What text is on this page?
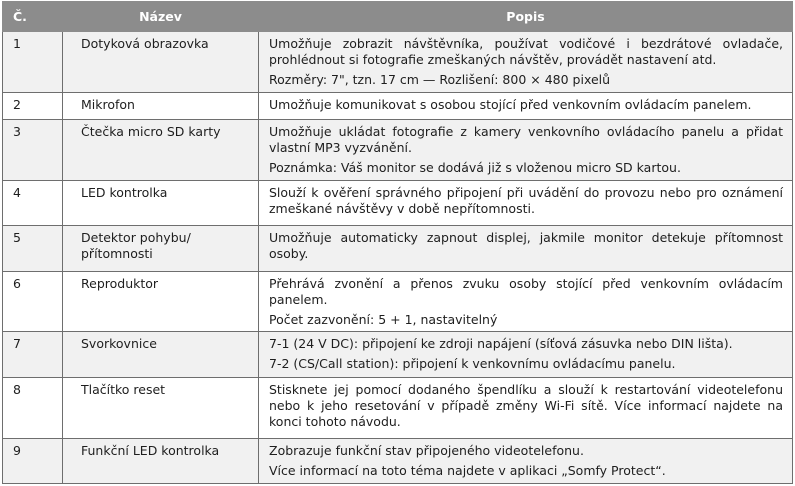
Č.	Název	Popis
1	Dotyková obrazovka	Umožňuje zobrazit návštěvníka, používat vodičové i bezdrátové ovladače, prohlédnout si fotografie zmeškaných návštěv, provádět nastavení atd.

Rozměry: 7", tzn. 17 cm — Rozlišení: 800 × 480 pixelů

2	Mikrofon	Umožňuje komunikovat s osobou stojící před venkovním ovládacím panelem.

3	Čtečka micro SD karty	Umožňuje ukládat fotografie z kamery venkovního ovládacího panelu a přidat vlastní MP3 vyzvánění.

Poznámka: Váš monitor se dodává již s vloženou micro SD kartou.

4	LED kontrolka	Slouží k ověření správného připojení při uvádění do provozu nebo pro oznámení zmeškané návštěvy v době nepřítomnosti.

5	Detektor pohybu/ přítomnosti	Umožňuje automaticky zapnout displej, jakmile monitor detekuje přítomnost osoby.

6	Reproduktor	Přehrává zvonění a přenos zvuku osoby stojící před venkovním ovládacím panelem.

Počet zazvonění: 5 + 1, nastavitelný

7	Svorkovnice	7-1 (24 V DC): připojení ke zdroji napájení (síťová zásuvka nebo DIN lišta).

7-2 (CS/Call station): připojení k venkovnímu ovládacímu panelu.

8	Tlačítko reset	Stisknete jej pomocí dodaného špendlíku a slouží k restartování videotelefonu nebo k jeho resetování v případě změny Wi-Fi sítě. Více informací najdete na konci tohoto návodu.

9	Funkční LED kontrolka	Zobrazuje funkční stav připojeného videotelefonu.

Více informací na toto téma najdete v aplikaci „Somfy Protect“.
